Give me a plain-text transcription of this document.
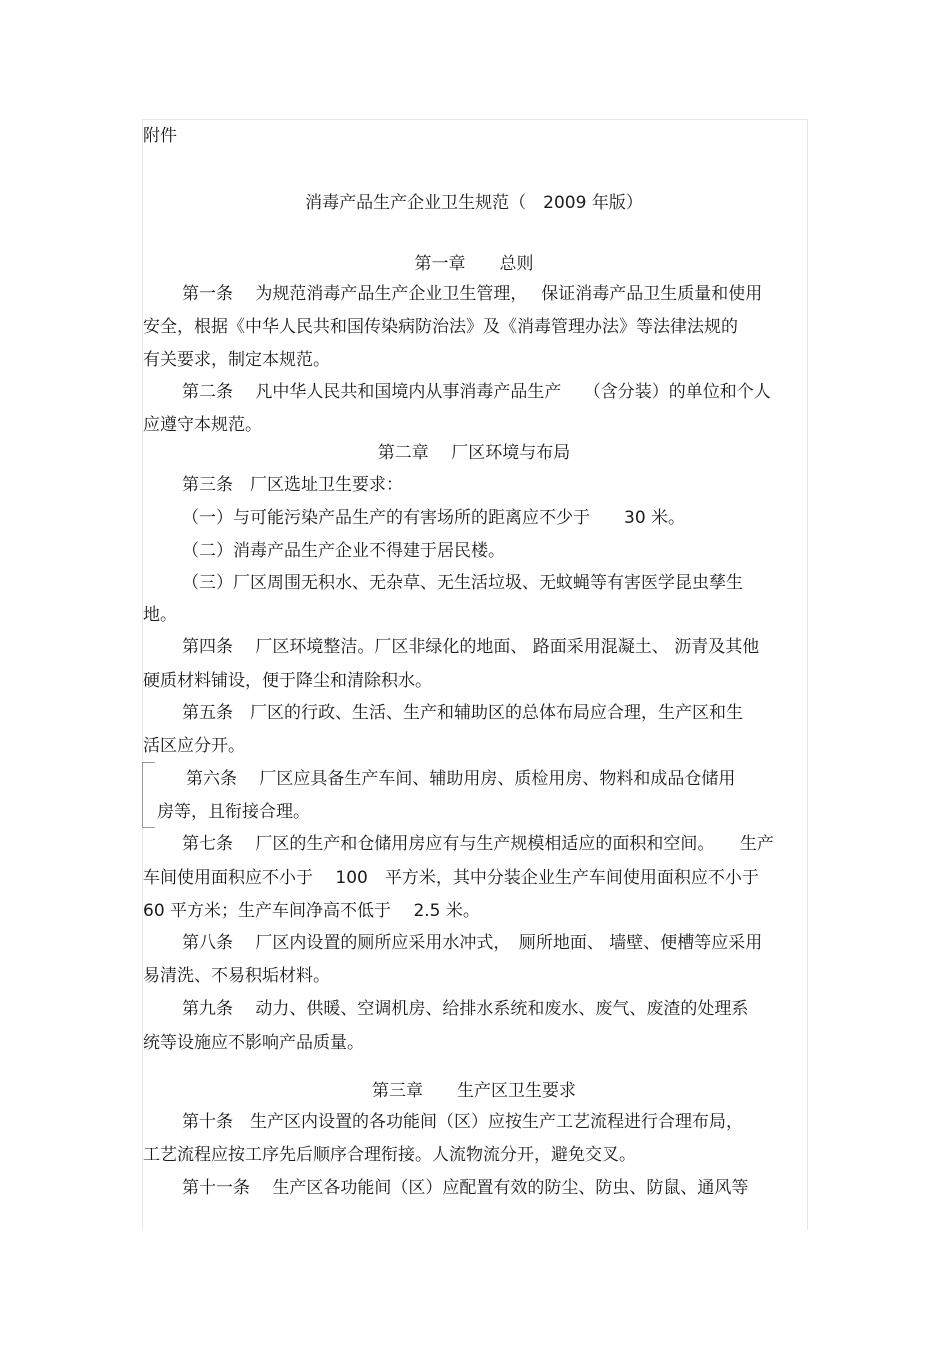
附件
消毒产品生产企业卫生规范（　2009 年版）
第一章　　总则
第一条　 为规范消毒产品生产企业卫生管理，　 保证消毒产品卫生质量和使用
安全，根据《中华人民共和国传染病防治法》及《消毒管理办法》等法律法规的
有关要求，制定本规范。
第二条　 凡中华人民共和国境内从事消毒产品生产　 （含分装）的单位和个人
应遵守本规范。
第二章　 厂区环境与布局
第三条　厂区选址卫生要求：
（一）与可能污染产品生产的有害场所的距离应不少于　　30 米。
（二）消毒产品生产企业不得建于居民楼。
（三）厂区周围无积水、无杂草、无生活垃圾、无蚊蝇等有害医学昆虫孳生
地。
第四条　 厂区环境整洁。厂区非绿化的地面、 路面采用混凝土、 沥青及其他
硬质材料铺设，便于降尘和清除积水。
第五条　厂区的行政、生活、生产和辅助区的总体布局应合理，生产区和生
活区应分开。
第六条　 厂区应具备生产车间、辅助用房、质检用房、物料和成品仓储用
房等，且衔接合理。
第七条　 厂区的生产和仓储用房应有与生产规模相适应的面积和空间。　　生产
车间使用面积应不小于　 100　平方米，其中分装企业生产车间使用面积应不小于
60 平方米；生产车间净高不低于　 2.5 米。
第八条　 厂区内设置的厕所应采用水冲式，　厕所地面、 墙壁、便槽等应采用
易清洗、不易积垢材料。
第九条　 动力、供暖、空调机房、给排水系统和废水、废气、废渣的处理系
统等设施应不影响产品质量。
第三章　　生产区卫生要求
第十条　生产区内设置的各功能间（区）应按生产工艺流程进行合理布局，
工艺流程应按工序先后顺序合理衔接。人流物流分开，避免交叉。
第十一条　 生产区各功能间（区）应配置有效的防尘、防虫、防鼠、通风等
